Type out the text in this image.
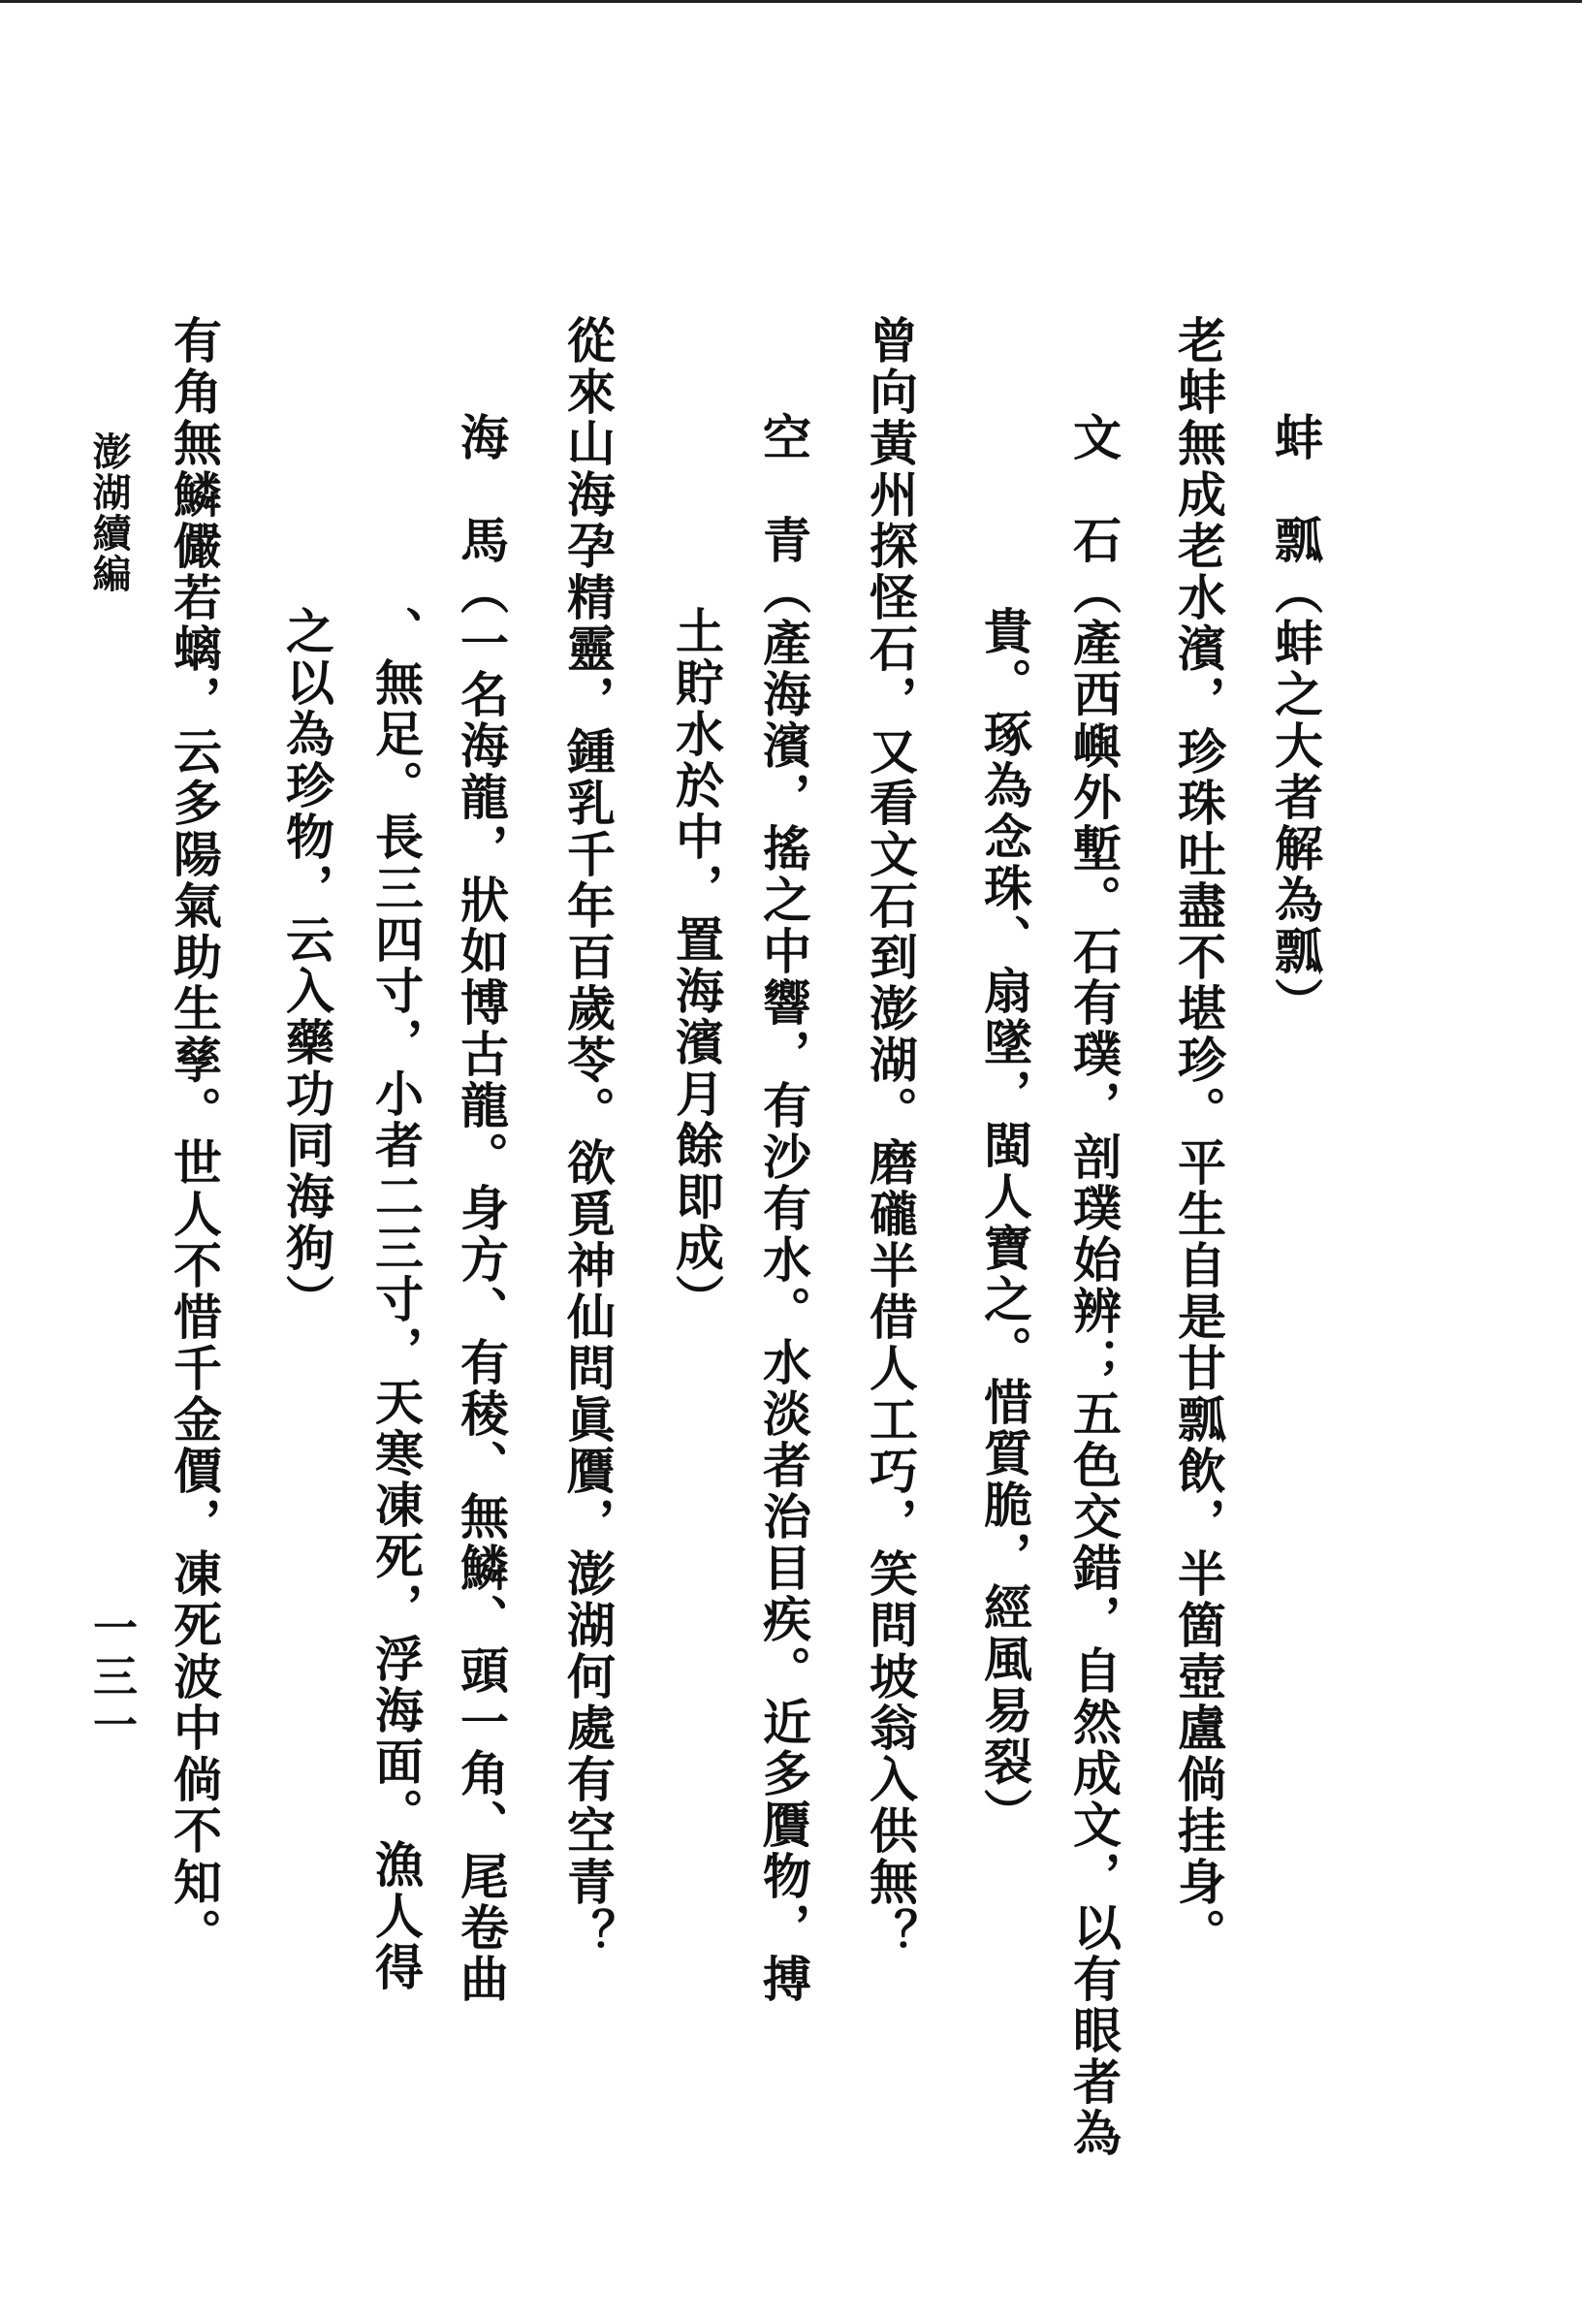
蚌　瓢（蚌之大者解為瓢）
老蚌無成老水濱，珍珠吐盡不堪珍。平生自是甘瓢飲，半箇壺盧倘挂身。
文　石（產西嶼外塹。石有璞，剖璞始辨；五色交錯，自然成文，以有眼者為
貴。琢為念珠、扇墜，閩人寶之。惜質脆，經風易裂）
曾向黃州探怪石，又看文石到澎湖。磨礲半借人工巧，笑問坡翁入供無？
空　青（產海濱，搖之中響，有沙有水。水淡者治目疾。近多贋物，搏
土貯水於中，置海濱月餘即成）
從來山海孕精靈，鍾乳千年百歲苓。欲覓神仙問眞贋，澎湖何處有空青？
海　馬（一名海龍，狀如博古龍。身方、有稜、無鱗、頭一角、尾卷曲
、無足。長三四寸，小者二三寸，天寒凍死，浮海面。漁人得
之以為珍物，云入藥功同海狗）
有角無鱗儼若螭，云多陽氣助生孳。世人不惜千金價，凍死波中倘不知。
澎湖續編
一三一
